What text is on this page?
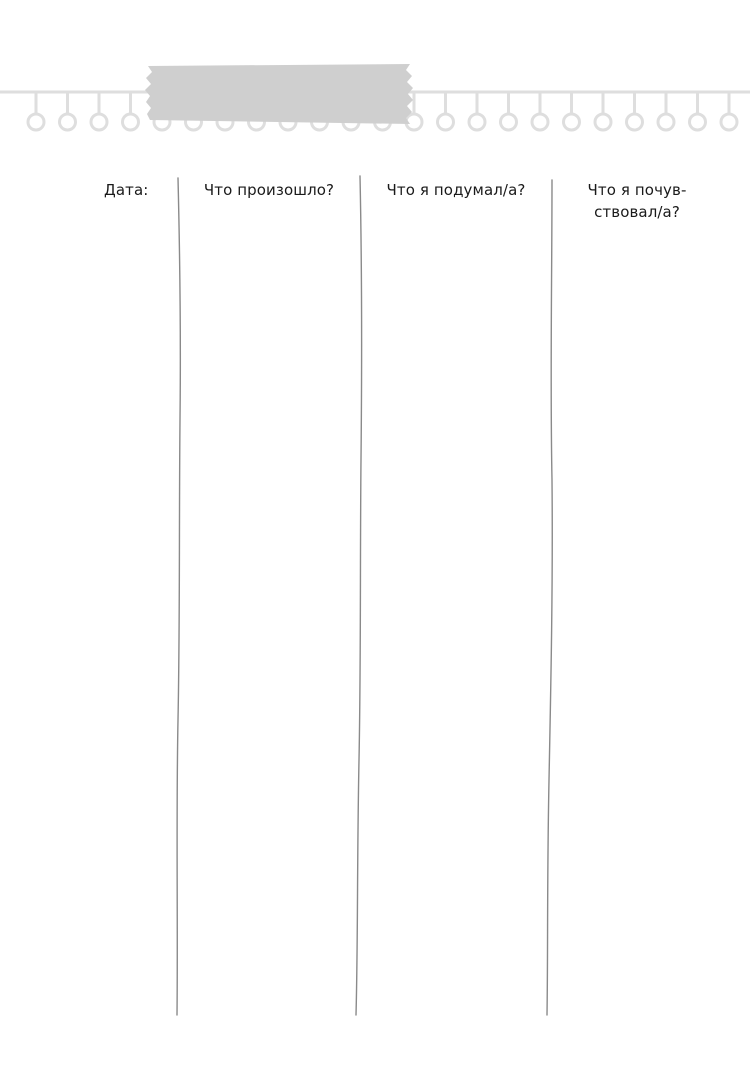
Дата:	Что произошло?	Что я подумал/а?	Что я почув-
ствовал/а?
